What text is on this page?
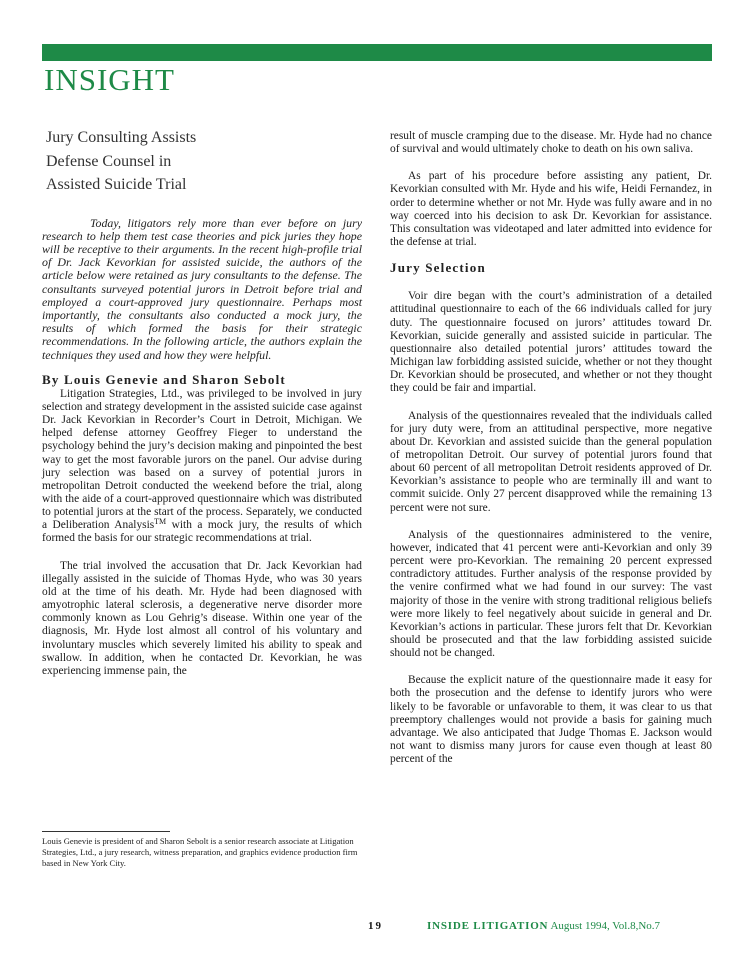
INSIGHT
Jury Consulting Assists
Defense Counsel in
Assisted Suicide Trial

Today, litigators rely more than ever before on jury research to help them test case theories and pick juries they hope will be receptive to their arguments. In the recent high-profile trial of Dr. Jack Kevorkian for assisted suicide, the authors of the article below were retained as jury consultants to the defense. The consultants surveyed potential jurors in Detroit before trial and employed a court-approved jury questionnaire. Perhaps most importantly, the consultants also conducted a mock jury, the results of which formed the basis for their strategic recommendations. In the following article, the authors explain the techniques they used and how they were helpful.

By Louis Genevie and Sharon Sebolt

Litigation Strategies, Ltd., was privileged to be involved in jury selection and strategy development in the assisted suicide case against Dr. Jack Kevorkian in Recorder’s Court in Detroit, Michigan. We helped defense attorney Geoffrey Fieger to understand the psychology behind the jury’s decision making and pinpointed the best way to get the most favorable jurors on the panel. Our advise during jury selection was based on a survey of potential jurors in metropolitan Detroit conducted the weekend before the trial, along with the aide of a court-approved questionnaire which was distributed to potential jurors at the start of the process. Separately, we conducted a Deliberation Analysis™ with a mock jury, the results of which formed the basis for our strategic recommendations at trial.

The trial involved the accusation that Dr. Jack Kevorkian had illegally assisted in the suicide of Thomas Hyde, who was 30 years old at the time of his death. Mr. Hyde had been diagnosed with amyotrophic lateral sclerosis, a degenerative nerve disorder more commonly known as Lou Gehrig’s disease. Within one year of the diagnosis, Mr. Hyde lost almost all control of his voluntary and involuntary muscles which severely limited his ability to speak and swallow. In addition, when he contacted Dr. Kevorkian, he was experiencing immense pain, the

result of muscle cramping due to the disease. Mr. Hyde had no chance of survival and would ultimately choke to death on his own saliva.

As part of his procedure before assisting any patient, Dr. Kevorkian consulted with Mr. Hyde and his wife, Heidi Fernandez, in order to determine whether or not Mr. Hyde was fully aware and in no way coerced into his decision to ask Dr. Kevorkian for assistance. This consultation was videotaped and later admitted into evidence for the defense at trial.

Jury Selection

Voir dire began with the court’s administration of a detailed attitudinal questionnaire to each of the 66 individuals called for jury duty. The questionnaire focused on jurors’ attitudes toward Dr. Kevorkian, suicide generally and assisted suicide in particular. The questionnaire also detailed potential jurors’ attitudes toward the Michigan law forbidding assisted suicide, whether or not they thought Dr. Kevorkian should be prosecuted, and whether or not they thought they could be fair and impartial.

Analysis of the questionnaires revealed that the individuals called for jury duty were, from an attitudinal perspective, more negative about Dr. Kevorkian and assisted suicide than the general population of metropolitan Detroit. Our survey of potential jurors found that about 60 percent of all metropolitan Detroit residents approved of Dr. Kevorkian’s assistance to people who are terminally ill and want to commit suicide. Only 27 percent disapproved while the remaining 13 percent were not sure.

Analysis of the questionnaires administered to the venire, however, indicated that 41 percent were anti-Kevorkian and only 39 percent were pro-Kevorkian. The remaining 20 percent expressed contradictory attitudes. Further analysis of the response provided by the venire confirmed what we had found in our survey: The vast majority of those in the venire with strong traditional religious beliefs were more likely to feel negatively about suicide in general and Dr. Kevorkian’s actions in particular. These jurors felt that Dr. Kevorkian should be prosecuted and that the law forbidding assisted suicide should not be changed.

Because the explicit nature of the questionnaire made it easy for both the prosecution and the defense to identify jurors who were likely to be favorable or unfavorable to them, it was clear to us that preemptory challenges would not provide a basis for gaining much advantage. We also anticipated that Judge Thomas E. Jackson would not want to dismiss many jurors for cause even though at least 80 percent of the

Louis Genevie is president of and Sharon Sebolt is a senior research associate at Litigation Strategies, Ltd., a jury research, witness preparation, and graphics evidence production firm based in New York City.
19	INSIDE LITIGATION August 1994, Vol.8,No.7
